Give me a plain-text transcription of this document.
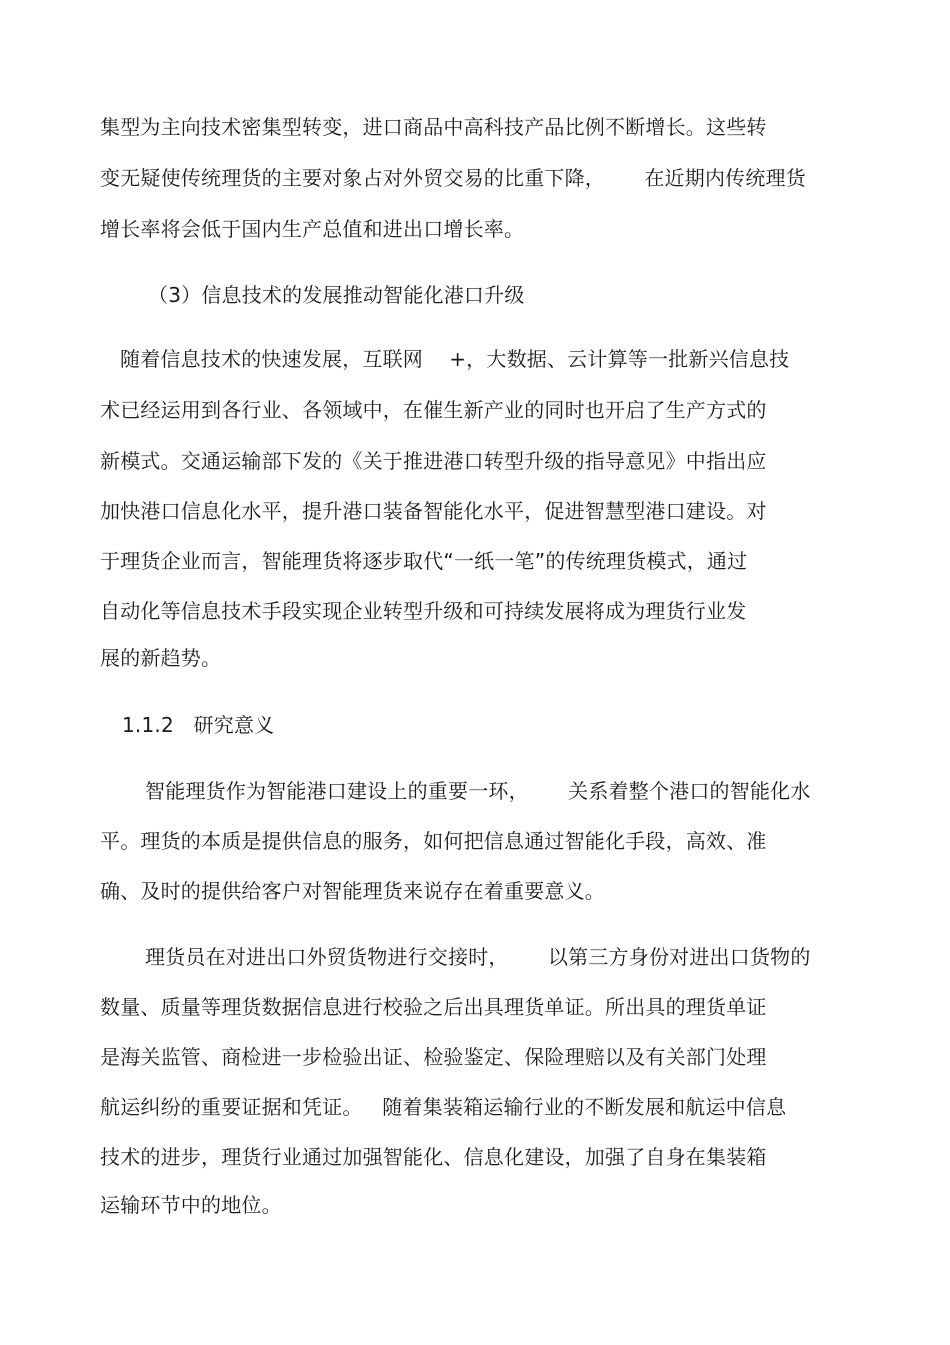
集型为主向技术密集型转变，进口商品中高科技产品比例不断增长。这些转
变无疑使传统理货的主要对象占对外贸交易的比重下降，      在近期内传统理货
增长率将会低于国内生产总值和进出口增长率。
（3）信息技术的发展推动智能化港口升级
随着信息技术的快速发展，互联网    +，大数据、云计算等一批新兴信息技
术已经运用到各行业、各领域中，在催生新产业的同时也开启了生产方式的
新模式。交通运输部下发的《关于推进港口转型升级的指导意见》中指出应
加快港口信息化水平，提升港口装备智能化水平，促进智慧型港口建设。对
于理货企业而言，智能理货将逐步取代“一纸一笔”的传统理货模式，通过
自动化等信息技术手段实现企业转型升级和可持续发展将成为理货行业发
展的新趋势。
1.1.2   研究意义
智能理货作为智能港口建设上的重要一环，      关系着整个港口的智能化水
平。理货的本质是提供信息的服务，如何把信息通过智能化手段，高效、准
确、及时的提供给客户对智能理货来说存在着重要意义。
理货员在对进出口外贸货物进行交接时，      以第三方身份对进出口货物的
数量、质量等理货数据信息进行校验之后出具理货单证。所出具的理货单证
是海关监管、商检进一步检验出证、检验鉴定、保险理赔以及有关部门处理
航运纠纷的重要证据和凭证。   随着集装箱运输行业的不断发展和航运中信息
技术的进步，理货行业通过加强智能化、信息化建设，加强了自身在集装箱
运输环节中的地位。
